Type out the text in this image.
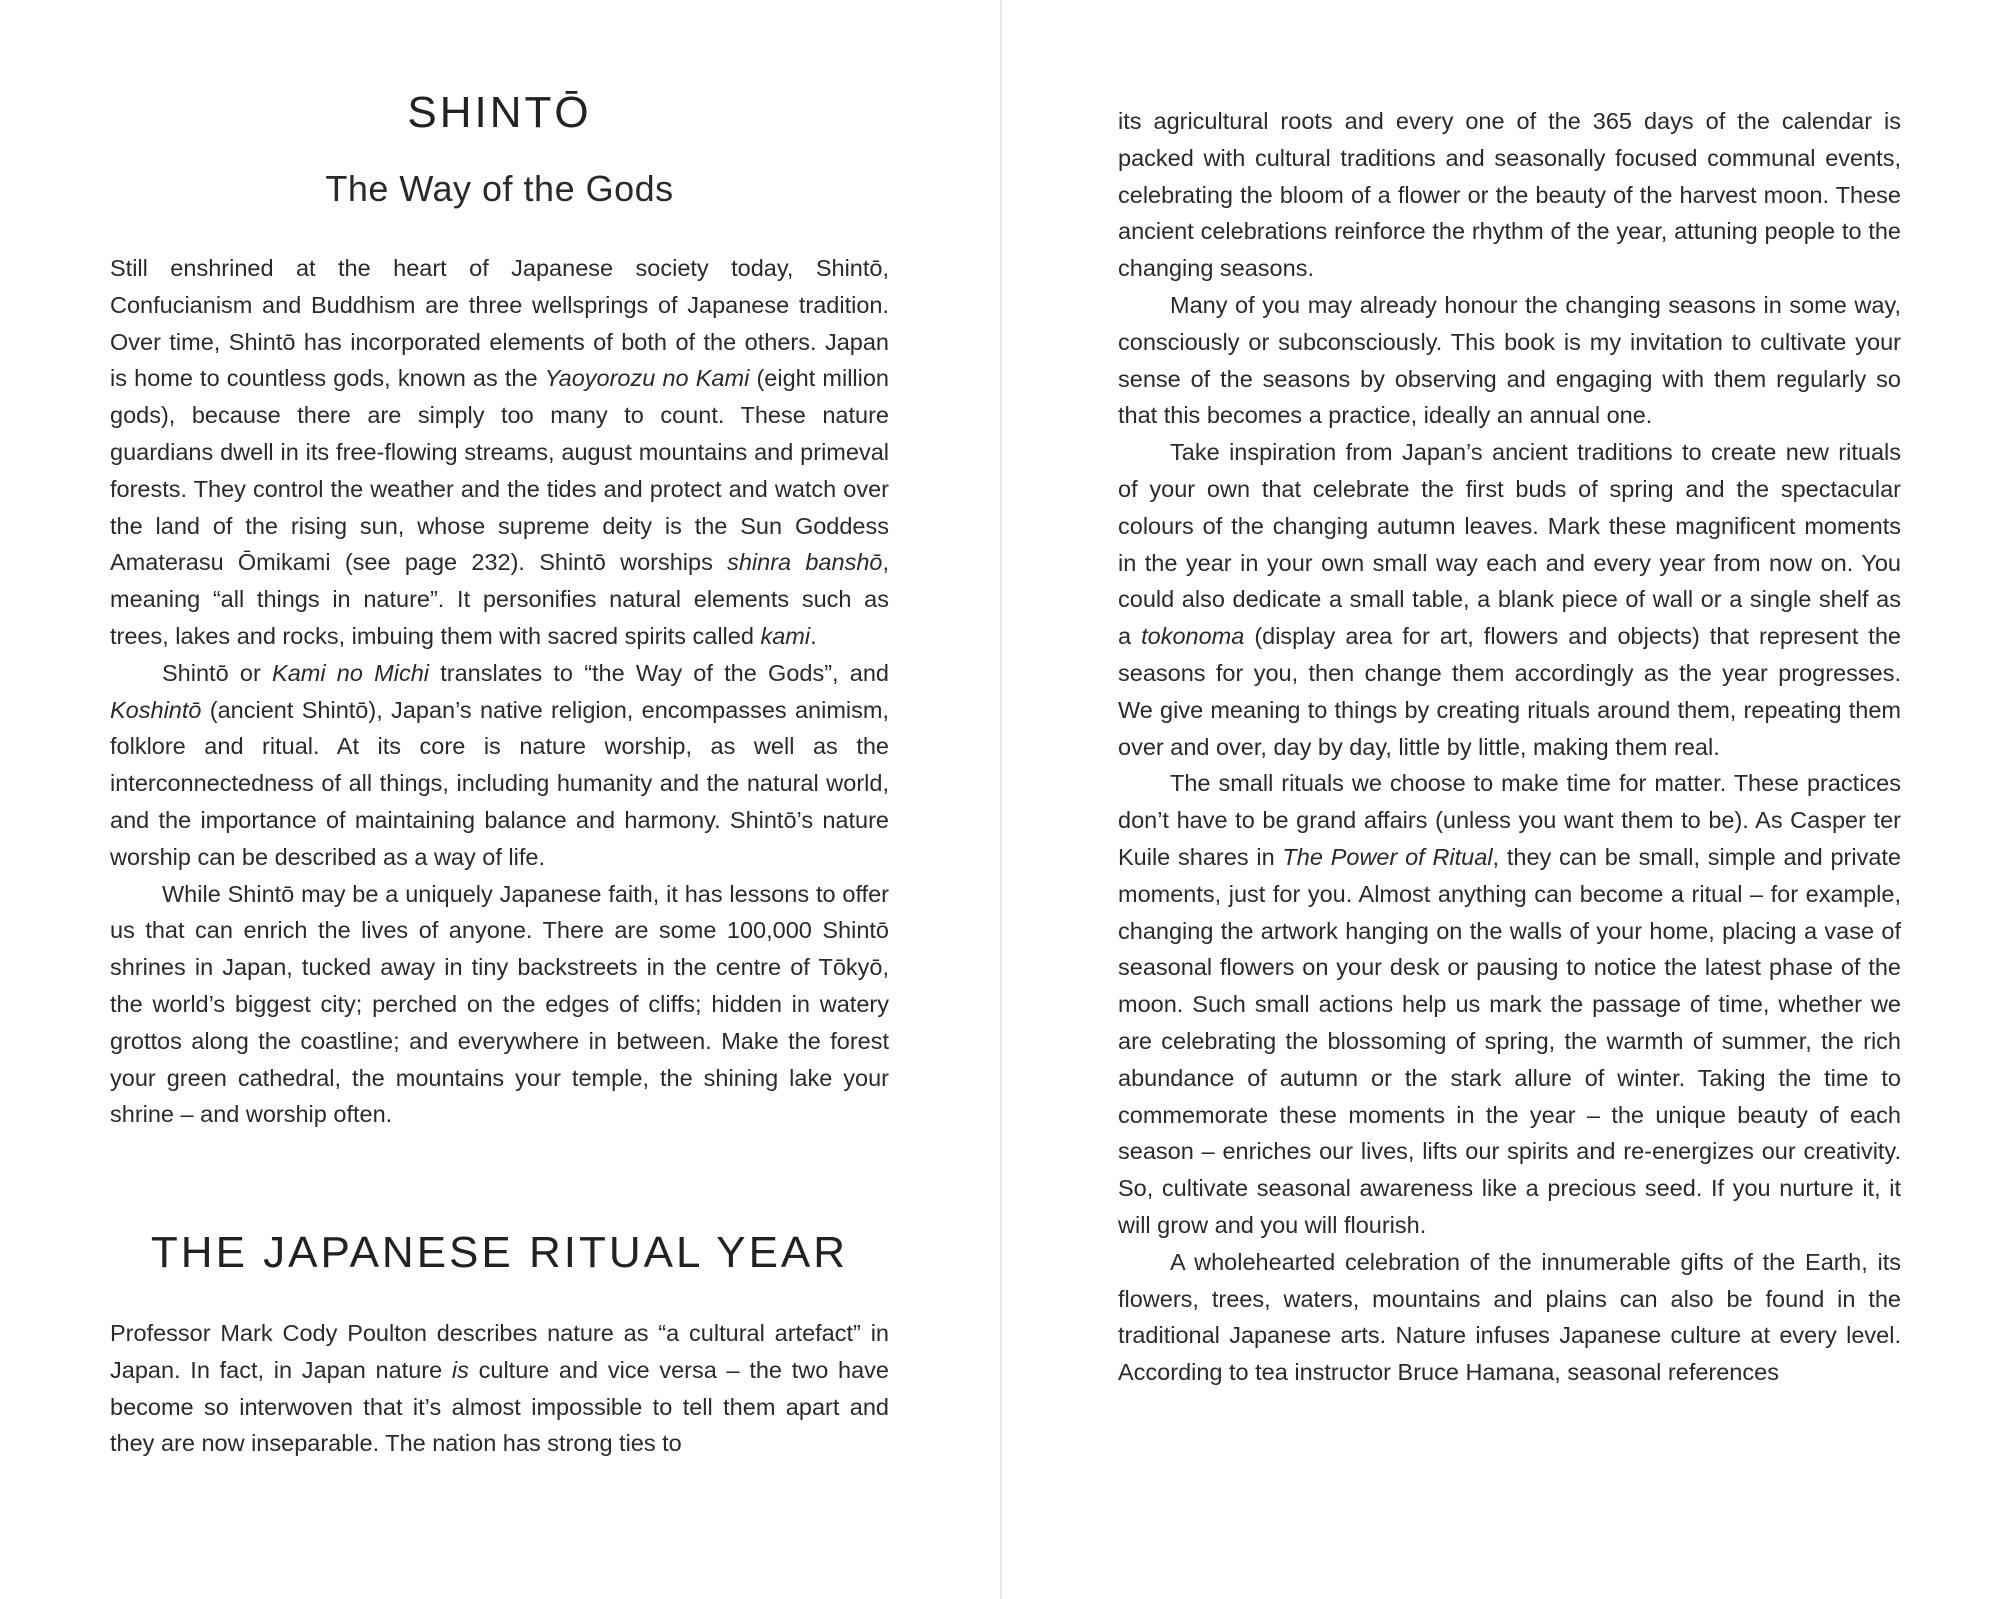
SHINTŌ
The Way of the Gods

Still enshrined at the heart of Japanese society today, Shintō, Confucianism and Buddhism are three wellsprings of Japanese tradition. Over time, Shintō has incorporated elements of both of the others. Japan is home to countless gods, known as the Yaoyorozu no Kami (eight million gods), because there are simply too many to count. These nature guardians dwell in its free-flowing streams, august mountains and primeval forests. They control the weather and the tides and protect and watch over the land of the rising sun, whose supreme deity is the Sun Goddess Amaterasu Ōmikami (see page 232). Shintō worships shinra banshō, meaning “all things in nature”. It personifies natural elements such as trees, lakes and rocks, imbuing them with sacred spirits called kami.

Shintō or Kami no Michi translates to “the Way of the Gods”, and Koshintō (ancient Shintō), Japan’s native religion, encompasses animism, folklore and ritual. At its core is nature worship, as well as the interconnectedness of all things, including humanity and the natural world, and the importance of maintaining balance and harmony. Shintō’s nature worship can be described as a way of life.

While Shintō may be a uniquely Japanese faith, it has lessons to offer us that can enrich the lives of anyone. There are some 100,000 Shintō shrines in Japan, tucked away in tiny backstreets in the centre of Tōkyō, the world’s biggest city; perched on the edges of cliffs; hidden in watery grottos along the coastline; and everywhere in between. Make the forest your green cathedral, the mountains your temple, the shining lake your shrine – and worship often.

THE JAPANESE RITUAL YEAR

Professor Mark Cody Poulton describes nature as “a cultural artefact” in Japan. In fact, in Japan nature is culture and vice versa – the two have become so interwoven that it’s almost impossible to tell them apart and they are now inseparable. The nation has strong ties to

its agricultural roots and every one of the 365 days of the calendar is packed with cultural traditions and seasonally focused communal events, celebrating the bloom of a flower or the beauty of the harvest moon. These ancient celebrations reinforce the rhythm of the year, attuning people to the changing seasons.

Many of you may already honour the changing seasons in some way, consciously or subconsciously. This book is my invitation to cultivate your sense of the seasons by observing and engaging with them regularly so that this becomes a practice, ideally an annual one.

Take inspiration from Japan’s ancient traditions to create new rituals of your own that celebrate the first buds of spring and the spectacular colours of the changing autumn leaves. Mark these magnificent moments in the year in your own small way each and every year from now on. You could also dedicate a small table, a blank piece of wall or a single shelf as a tokonoma (display area for art, flowers and objects) that represent the seasons for you, then change them accordingly as the year progresses. We give meaning to things by creating rituals around them, repeating them over and over, day by day, little by little, making them real.

The small rituals we choose to make time for matter. These practices don’t have to be grand affairs (unless you want them to be). As Casper ter Kuile shares in The Power of Ritual, they can be small, simple and private moments, just for you. Almost anything can become a ritual – for example, changing the artwork hanging on the walls of your home, placing a vase of seasonal flowers on your desk or pausing to notice the latest phase of the moon. Such small actions help us mark the passage of time, whether we are celebrating the blossoming of spring, the warmth of summer, the rich abundance of autumn or the stark allure of winter. Taking the time to commemorate these moments in the year – the unique beauty of each season – enriches our lives, lifts our spirits and re-energizes our creativity. So, cultivate seasonal awareness like a precious seed. If you nurture it, it will grow and you will flourish.

A wholehearted celebration of the innumerable gifts of the Earth, its flowers, trees, waters, mountains and plains can also be found in the traditional Japanese arts. Nature infuses Japanese culture at every level. According to tea instructor Bruce Hamana, seasonal references
